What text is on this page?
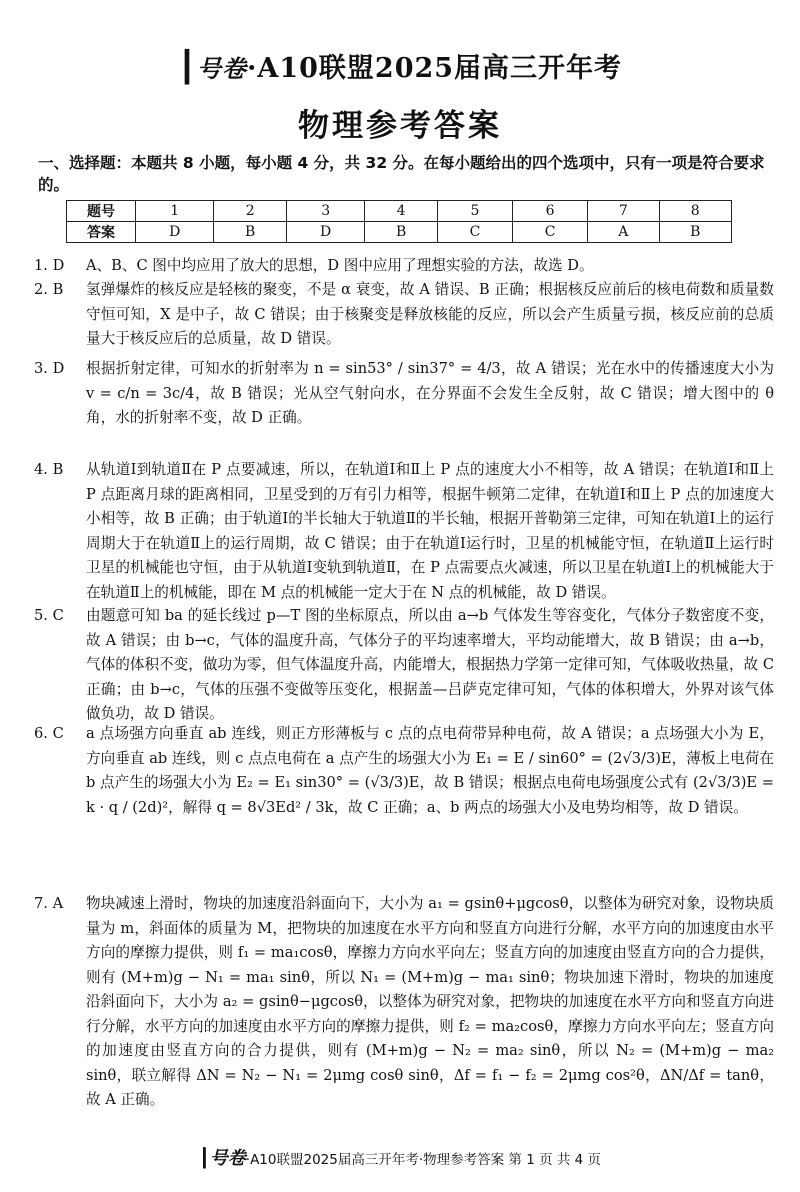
┃号卷·A10联盟2025届高三开年考
物理参考答案
一、选择题：本题共 8 小题，每小题 4 分，共 32 分。在每小题给出的四个选项中，只有一项是符合要求的。
题号	1	2	3	4	5	6	7	8
答案	D	B	D	B	C	C	A	B
1. D	A、B、C 图中均应用了放大的思想，D 图中应用了理想实验的方法，故选 D。

2. B	氢弹爆炸的核反应是轻核的聚变，不是 α 衰变，故 A 错误、B 正确；根据核反应前后的核电荷数和质量数守恒可知，X 是中子，故 C 错误；由于核聚变是释放核能的反应，所以会产生质量亏损，核反应前的总质量大于核反应后的总质量，故 D 错误。

3. D	根据折射定律，可知水的折射率为 n = sin53° / sin37° = 4/3，故 A 错误；光在水中的传播速度大小为 v = c/n = 3c/4，故 B 错误；光从空气射向水，在分界面不会发生全反射，故 C 错误；增大图中的 θ 角，水的折射率不变，故 D 正确。

4. B	从轨道Ⅰ到轨道Ⅱ在 P 点要减速，所以，在轨道Ⅰ和Ⅱ上 P 点的速度大小不相等，故 A 错误；在轨道Ⅰ和Ⅱ上 P 点距离月球的距离相同，卫星受到的万有引力相等，根据牛顿第二定律，在轨道Ⅰ和Ⅱ上 P 点的加速度大小相等，故 B 正确；由于轨道Ⅰ的半长轴大于轨道Ⅱ的半长轴，根据开普勒第三定律，可知在轨道Ⅰ上的运行周期大于在轨道Ⅱ上的运行周期，故 C 错误；由于在轨道Ⅰ运行时，卫星的机械能守恒，在轨道Ⅱ上运行时卫星的机械能也守恒，由于从轨道Ⅰ变轨到轨道Ⅱ，在 P 点需要点火减速，所以卫星在轨道Ⅰ上的机械能大于在轨道Ⅱ上的机械能，即在 M 点的机械能一定大于在 N 点的机械能，故 D 错误。

5. C	由题意可知 ba 的延长线过 p—T 图的坐标原点，所以由 a→b 气体发生等容变化，气体分子数密度不变，故 A 错误；由 b→c，气体的温度升高，气体分子的平均速率增大，平均动能增大，故 B 错误；由 a→b，气体的体积不变，做功为零，但气体温度升高，内能增大，根据热力学第一定律可知，气体吸收热量，故 C 正确；由 b→c，气体的压强不变做等压变化，根据盖—吕萨克定律可知，气体的体积增大，外界对该气体做负功，故 D 错误。

6. C	a 点场强方向垂直 ab 连线，则正方形薄板与 c 点的点电荷带异种电荷，故 A 错误；a 点场强大小为 E，方向垂直 ab 连线，则 c 点点电荷在 a 点产生的场强大小为 E₁ = E / sin60° = (2√3/3)E，薄板上电荷在 b 点产生的场强大小为 E₂ = E₁ sin30° = (√3/3)E，故 B 错误；根据点电荷电场强度公式有 (2√3/3)E = k · q / (2d)²，解得 q = 8√3Ed² / 3k，故 C 正确；a、b 两点的场强大小及电势均相等，故 D 错误。

7. A	物块减速上滑时，物块的加速度沿斜面向下，大小为 a₁ = gsinθ+μgcosθ，以整体为研究对象，设物块质量为 m，斜面体的质量为 M，把物块的加速度在水平方向和竖直方向进行分解，水平方向的加速度由水平方向的摩擦力提供，则 f₁ = ma₁cosθ，摩擦力方向水平向左；竖直方向的加速度由竖直方向的合力提供，则有 (M+m)g − N₁ = ma₁ sinθ，所以 N₁ = (M+m)g − ma₁ sinθ；物块加速下滑时，物块的加速度沿斜面向下，大小为 a₂ = gsinθ−μgcosθ，以整体为研究对象，把物块的加速度在水平方向和竖直方向进行分解，水平方向的加速度由水平方向的摩擦力提供，则 f₂ = ma₂cosθ，摩擦力方向水平向左；竖直方向的加速度由竖直方向的合力提供，则有 (M+m)g − N₂ = ma₂ sinθ，所以 N₂ = (M+m)g − ma₂ sinθ，联立解得 ΔN = N₂ − N₁ = 2μmg cosθ sinθ，Δf = f₁ − f₂ = 2μmg cos²θ，ΔN/Δf = tanθ，故 A 正确。

┃号卷·A10联盟2025届高三开年考·物理参考答案 第 1 页 共 4 页
